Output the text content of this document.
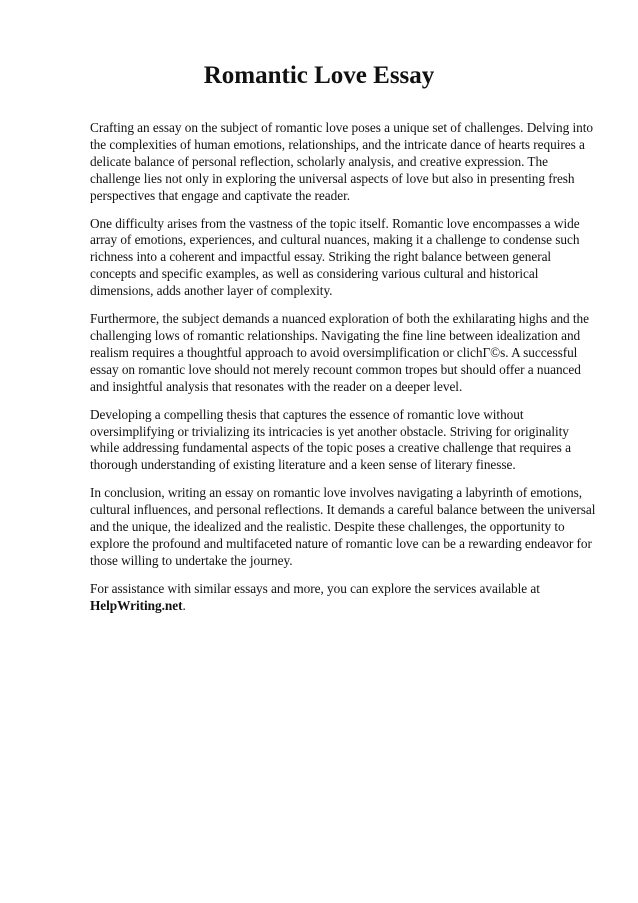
Romantic Love Essay

Crafting an essay on the subject of romantic love poses a unique set of challenges. Delving into the complexities of human emotions, relationships, and the intricate dance of hearts requires a delicate balance of personal reflection, scholarly analysis, and creative expression. The challenge lies not only in exploring the universal aspects of love but also in presenting fresh perspectives that engage and captivate the reader.

One difficulty arises from the vastness of the topic itself. Romantic love encompasses a wide array of emotions, experiences, and cultural nuances, making it a challenge to condense such richness into a coherent and impactful essay. Striking the right balance between general concepts and specific examples, as well as considering various cultural and historical dimensions, adds another layer of complexity.

Furthermore, the subject demands a nuanced exploration of both the exhilarating highs and the challenging lows of romantic relationships. Navigating the fine line between idealization and realism requires a thoughtful approach to avoid oversimplification or clichΓ©s. A successful essay on romantic love should not merely recount common tropes but should offer a nuanced and insightful analysis that resonates with the reader on a deeper level.

Developing a compelling thesis that captures the essence of romantic love without oversimplifying or trivializing its intricacies is yet another obstacle. Striving for originality while addressing fundamental aspects of the topic poses a creative challenge that requires a thorough understanding of existing literature and a keen sense of literary finesse.

In conclusion, writing an essay on romantic love involves navigating a labyrinth of emotions, cultural influences, and personal reflections. It demands a careful balance between the universal and the unique, the idealized and the realistic. Despite these challenges, the opportunity to explore the profound and multifaceted nature of romantic love can be a rewarding endeavor for those willing to undertake the journey.

For assistance with similar essays and more, you can explore the services available at
HelpWriting.net.
